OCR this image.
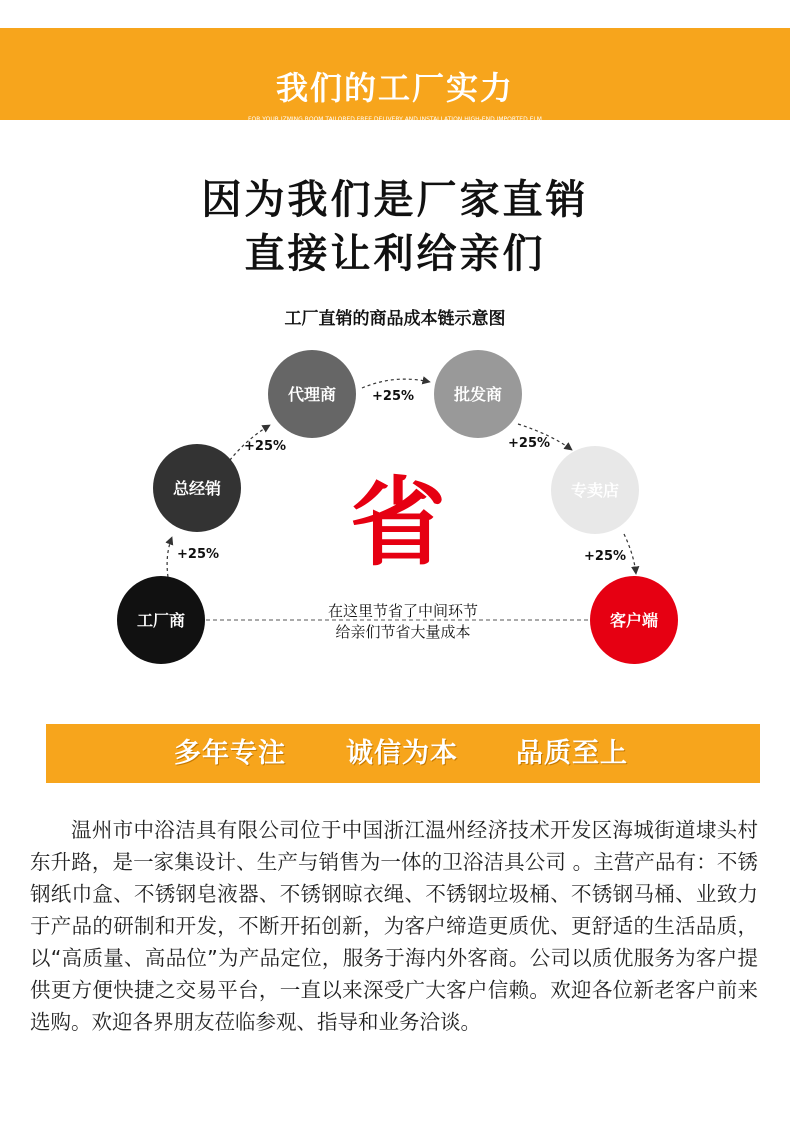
我们的工厂实力
FOR YOUR IZMING ROOM TAILORED FREE DELIVERY AND INSTALLATION HIGH-END IMPORTED ELM
TAILORED FREE DELIVERY AND INSTALLATION
因为我们是厂家直销
直接让利给亲们
工厂直销的商品成本链示意图
工厂商
总经销
代理商	批发商
专卖店
客户端
+25%
+25%
+25%
+25%
+25%
省
在这里节省了中间环节
给亲们节省大量成本
多年专注 诚信为本 品质至上

温州市中浴洁具有限公司位于中国浙江温州经济技术开发区海城街道埭头村东升路，是一家集设计、生产与销售为一体的卫浴洁具公司 。主营产品有：不锈钢纸巾盒、不锈钢皂液器、不锈钢晾衣绳、不锈钢垃圾桶、不锈钢马桶、业致力于产品的研制和开发，不断开拓创新，为客户缔造更质优、更舒适的生活品质，以“高质量、高品位”为产品定位，服务于海内外客商。公司以质优服务为客户提供更方便快捷之交易平台，一直以来深受广大客户信赖。欢迎各位新老客户前来选购。欢迎各界朋友莅临参观、指导和业务洽谈。
